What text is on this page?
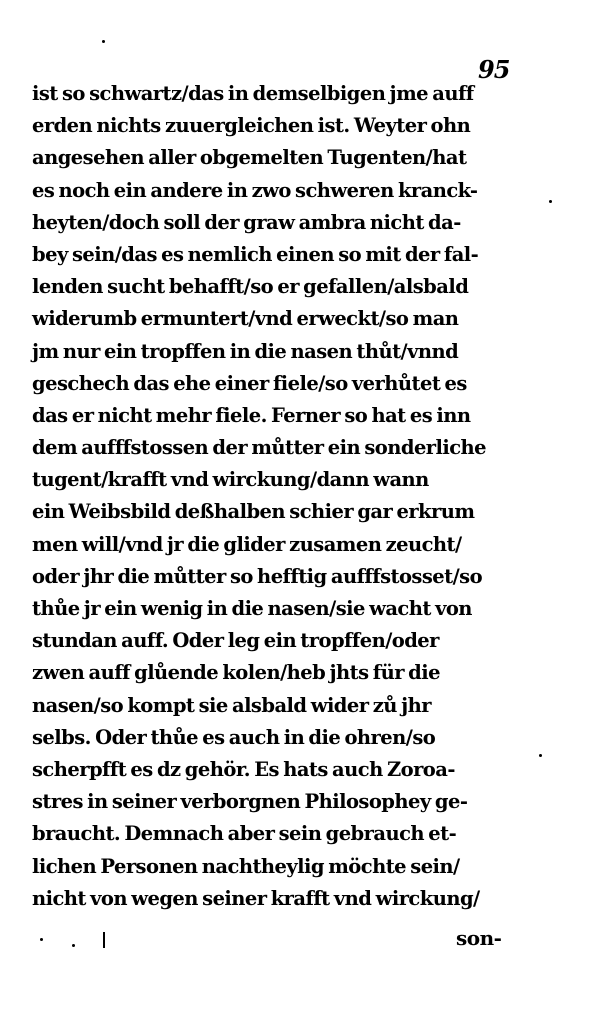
95
ist so schwartz/das in demselbigen jme auff
erden nichts zuuergleichen ist. Weyter ohn
angesehen aller obgemelten Tugenten/hat
es noch ein andere in zwo schweren kranck-
heyten/doch soll der graw ambra nicht da-
bey sein/das es nemlich einen so mit der fal-
lenden sucht behafft/so er gefallen/alsbald
widerumb ermuntert/vnd erweckt/so man
jm nur ein tropffen in die nasen thůt/vnnd
geschech das ehe einer fiele/so verhůtet es
das er nicht mehr fiele. Ferner so hat es inn
dem aufffstossen der můtter ein sonderliche
tugent/krafft vnd wirckung/dann wann
ein Weibsbild deßhalben schier gar erkrum
men will/vnd jr die glider zusamen zeucht/
oder jhr die můtter so hefftig aufffstosset/so
thůe jr ein wenig in die nasen/sie wacht von
stundan auff. Oder leg ein tropffen/oder
zwen auff glůende kolen/heb jhts für die
nasen/so kompt sie alsbald wider zů jhr
selbs. Oder thůe es auch in die ohren/so
scherpfft es dz gehör. Es hats auch Zoroa-
stres in seiner verborgnen Philosophey ge-
braucht. Demnach aber sein gebrauch et-
lichen Personen nachtheylig möchte sein/
nicht von wegen seiner krafft vnd wirckung/
son-
